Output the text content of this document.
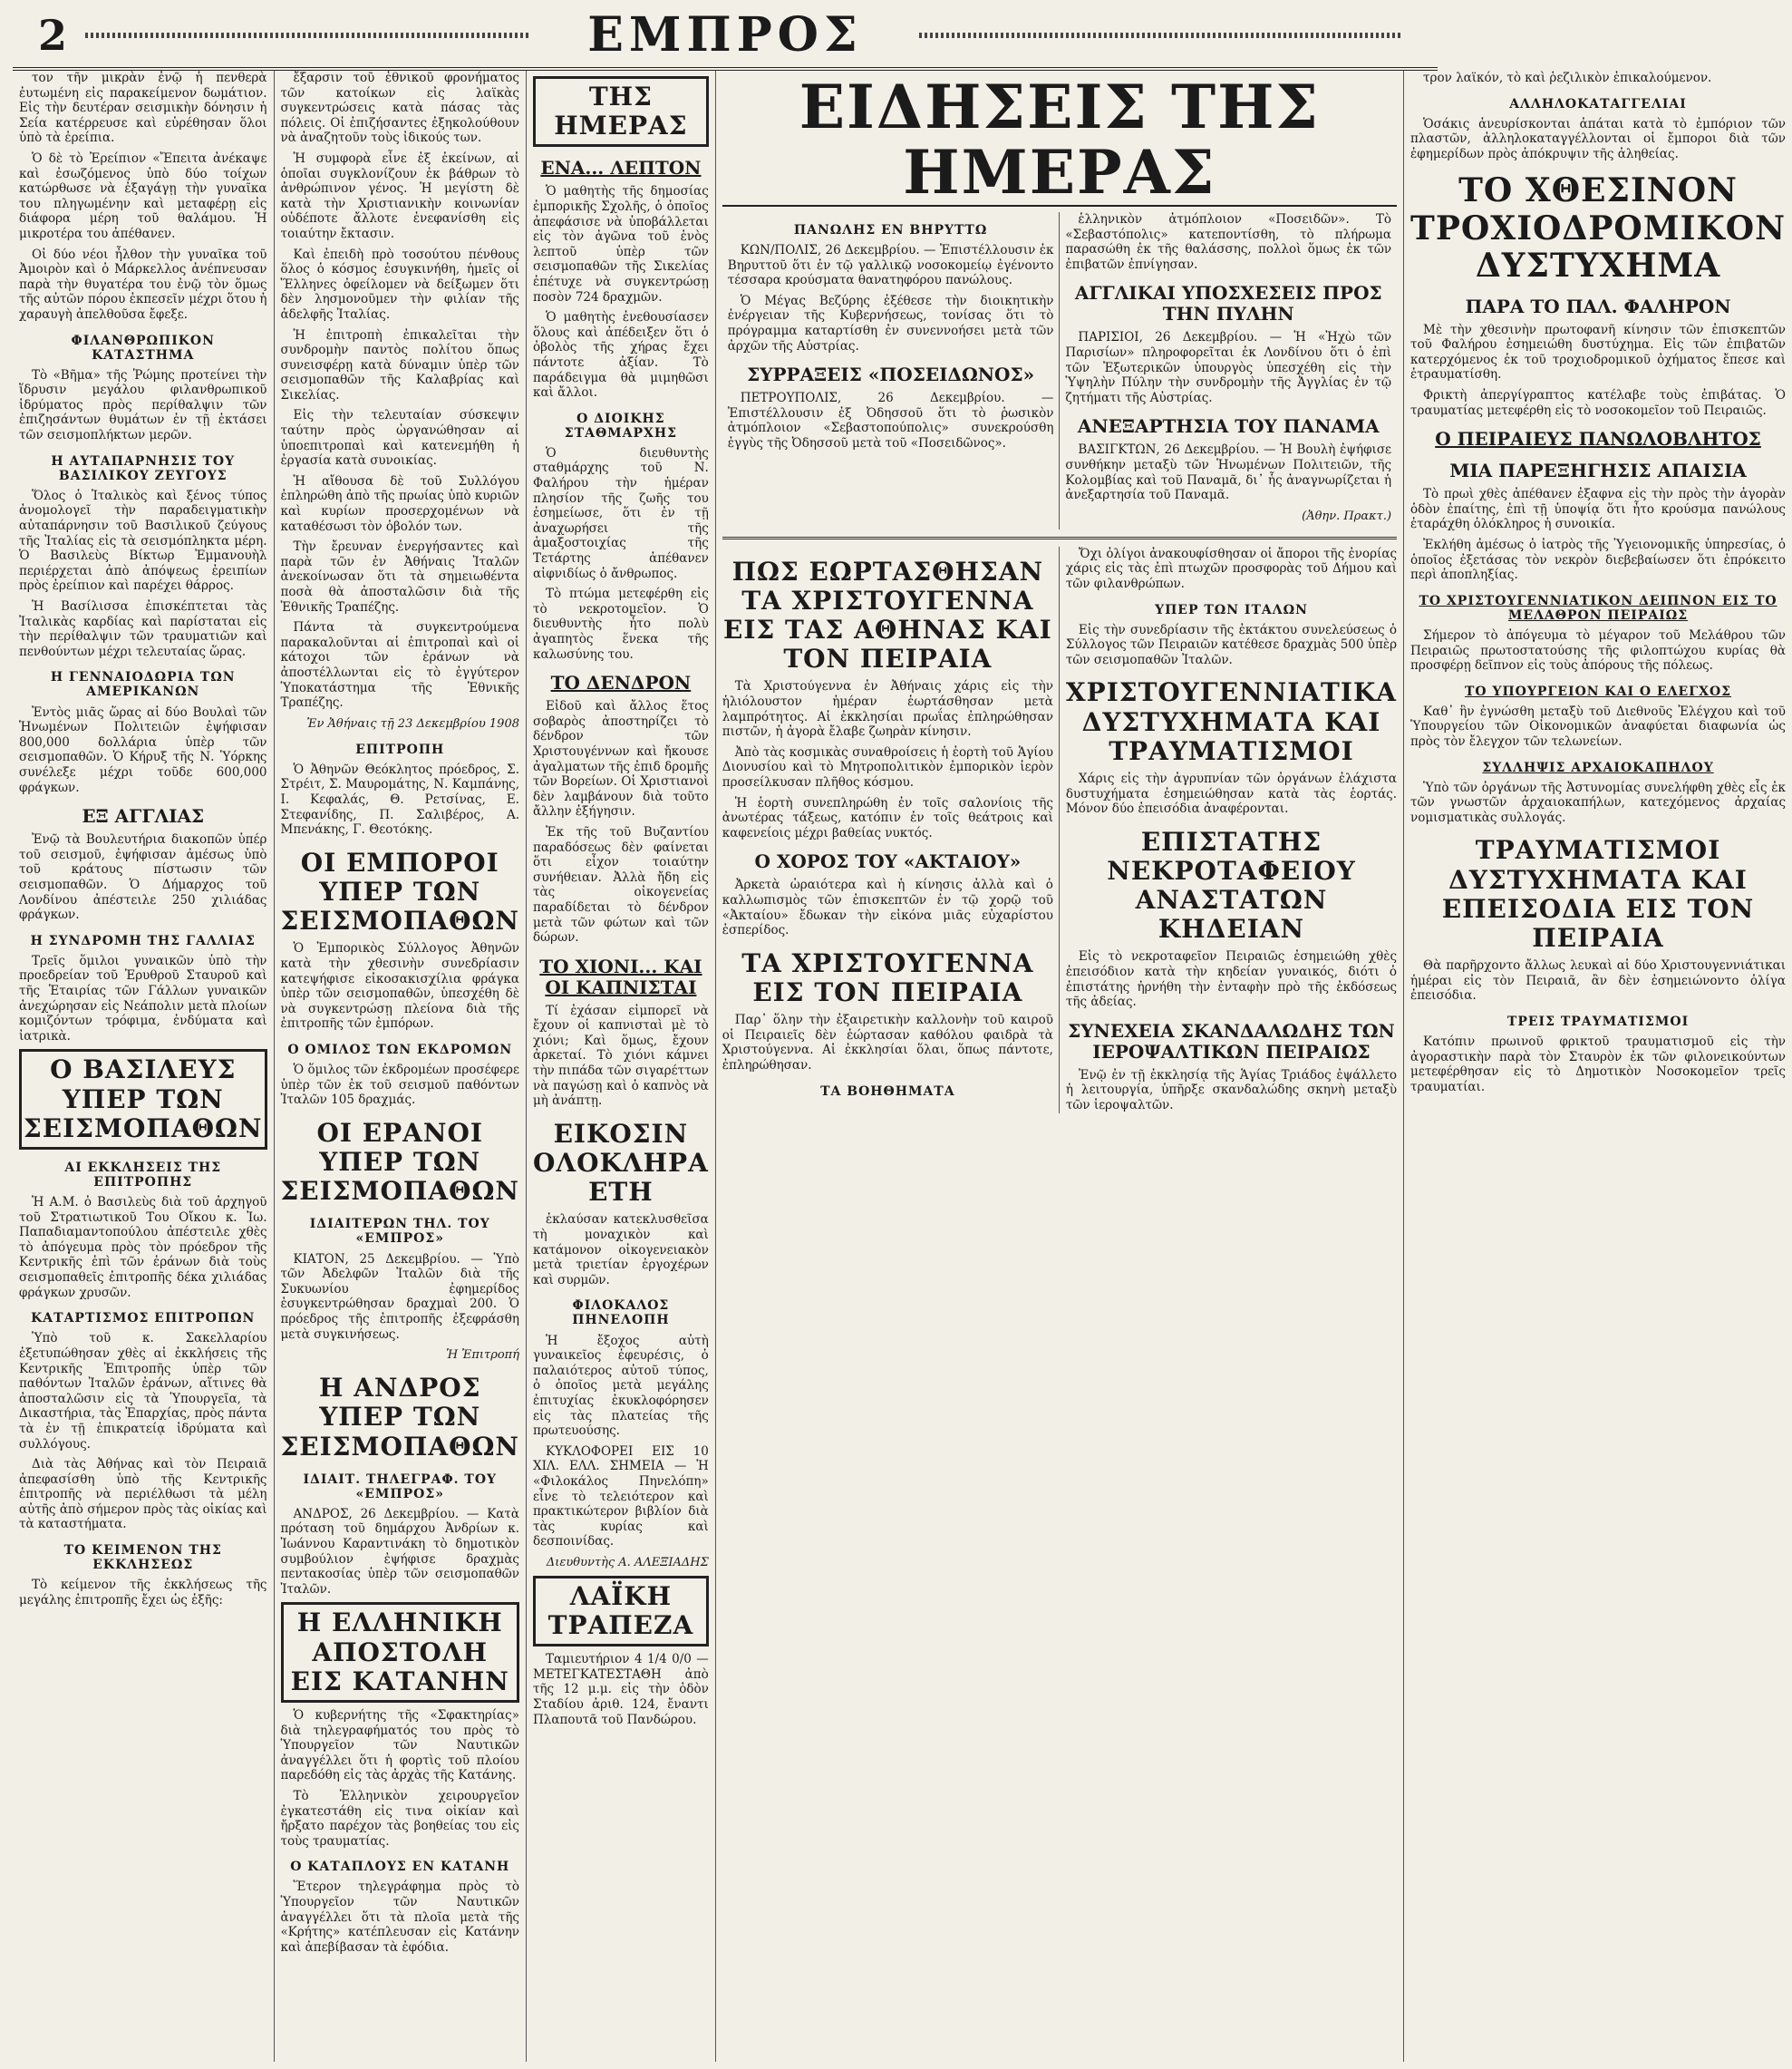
2	ΕΜΠΡΟΣ

τον τῆν μικρὰν ἐνῷ ἡ πενθερὰ ἐυτωμένη εἰς παρακείμενον δωμάτιον. Εἰς τὴν δευτέραν σεισμικὴν δόνησιν ἡ Σεία κατέρρευσε καὶ εὑρέθησαν ὅλοι ὑπὸ τὰ ἐρείπια.

Ὁ δὲ τὸ Ἐρείπιον «Ἔπειτα ἀνέκαψε καὶ ἐσωζόμενος ὑπὸ δύο τοίχων κατώρθωσε νὰ ἐξαγάγῃ τὴν γυναῖκα του πληγωμένην καὶ μεταφέρῃ εἰς διάφορα μέρη τοῦ θαλάμου. Ἡ μικροτέρα του ἀπέθανεν.

Οἱ δύο νέοι ἦλθον τὴν γυναῖκα τοῦ Ἀμοιρὸν καὶ ὁ Μάρκελλος ἀνέπνευσαν παρὰ τὴν θυγατέρα του ἐνῷ τὸν ὅμως τῆς αὐτῶν πόρου ἐκπεσεῖν μέχρι ὅτου ἡ χαραυγὴ ἀπελθοῦσα ἔφεξε.

ΦΙΛΑΝΘΡΩΠΙΚΟΝ ΚΑΤΑΣΤΗΜΑ

Τὸ «Βῆμα» τῆς Ῥώμης προτείνει τὴν ἵδρυσιν μεγάλου φιλανθρωπικοῦ ἱδρύματος πρὸς περίθαλψιν τῶν ἐπιζησάντων θυμάτων ἐν τῇ ἐκτάσει τῶν σεισμοπλήκτων μερῶν.

Η ΑΥΤΑΠΑΡΝΗΣΙΣ ΤΟΥ ΒΑΣΙΛΙΚΟΥ ΖΕΥΓΟΥΣ

Ὅλος ὁ Ἰταλικὸς καὶ ξένος τύπος ἀνομολογεῖ τὴν παραδειγματικὴν αὐταπάρνησιν τοῦ Βασιλικοῦ ζεύγους τῆς Ἰταλίας εἰς τὰ σεισμόπληκτα μέρη. Ὁ Βασιλεὺς Βίκτωρ Ἐμμανουὴλ περιέρχεται ἀπὸ ἀπόψεως ἐρειπίων πρὸς ἐρείπιον καὶ παρέχει θάρρος.

Ἡ Βασίλισσα ἐπισκέπτεται τὰς Ἰταλικὰς καρδίας καὶ παρίσταται εἰς τὴν περίθαλψιν τῶν τραυματιῶν καὶ πενθούντων μέχρι τελευταίας ὥρας.

Η ΓΕΝΝΑΙΟΔΩΡΙΑ ΤΩΝ ΑΜΕΡΙΚΑΝΩΝ

Ἐντὸς μιᾶς ὥρας αἱ δύο Βουλαὶ τῶν Ἡνωμένων Πολιτειῶν ἐψήφισαν 800,000 δολλάρια ὑπὲρ τῶν σεισμοπαθῶν. Ὁ Κήρυξ τῆς Ν. Ὑόρκης συνέλεξε μέχρι τοῦδε 600,000 φράγκων.

ΕΞ ΑΓΓΛΙΑΣ

Ἐνῷ τὰ Βουλευτήρια διακοπῶν ὑπέρ τοῦ σεισμοῦ, ἐψήφισαν ἀμέσως ὑπὸ τοῦ κράτους πίστωσιν τῶν σεισμοπαθῶν. Ὁ Δήμαρχος τοῦ Λονδίνου ἀπέστειλε 250 χιλιάδας φράγκων.

Η ΣΥΝΔΡΟΜΗ ΤΗΣ ΓΑΛΛΙΑΣ

Τρεῖς ὅμιλοι γυναικῶν ὑπὸ τὴν προεδρείαν τοῦ Ἐρυθροῦ Σταυροῦ καὶ τῆς Ἑταιρίας τῶν Γάλλων γυναικῶν ἀνεχώρησαν εἰς Νεάπολιν μετὰ πλοίων κομιζόντων τρόφιμα, ἐνδύματα καὶ ἰατρικὰ.

Ο ΒΑΣΙΛΕΥΣ ΥΠΕΡ ΤΩΝ ΣΕΙΣΜΟΠΑΘΩΝ
ΑΙ ΕΚΚΛΗΣΕΙΣ ΤΗΣ ΕΠΙΤΡΟΠΗΣ

Ἡ Α.Μ. ὁ Βασιλεὺς διὰ τοῦ ἀρχηγοῦ τοῦ Στρατιωτικοῦ Του Οἴκου κ. Ἰω. Παπαδιαμαντοπούλου ἀπέστειλε χθὲς τὸ ἀπόγευμα πρὸς τὸν πρόεδρον τῆς Κεντρικῆς ἐπὶ τῶν ἐράνων διὰ τοὺς σεισμοπαθεῖς ἐπιτροπῆς δέκα χιλιάδας φράγκων χρυσῶν.

ΚΑΤΑΡΤΙΣΜΟΣ ΕΠΙΤΡΟΠΩΝ

Ὑπὸ τοῦ κ. Σακελλαρίου ἐξετυπώθησαν χθὲς αἱ ἐκκλήσεις τῆς Κεντρικῆς Ἐπιτροπῆς ὑπὲρ τῶν παθόντων Ἰταλῶν ἐράνων, αἵτινες θὰ ἀποσταλῶσιν εἰς τὰ Ὑπουργεῖα, τὰ Δικαστήρια, τὰς Ἐπαρχίας, πρὸς πάντα τὰ ἐν τῇ ἐπικρατείᾳ ἱδρύματα καὶ συλλόγους.

Διὰ τὰς Ἀθήνας καὶ τὸν Πειραιᾶ ἀπεφασίσθη ὑπὸ τῆς Κεντρικῆς ἐπιτροπῆς νὰ περιέλθωσι τὰ μέλη αὐτῆς ἀπὸ σήμερον πρὸς τὰς οἰκίας καὶ τὰ καταστήματα.

ΤΟ ΚΕΙΜΕΝΟΝ ΤΗΣ ΕΚΚΛΗΣΕΩΣ

Τὸ κείμενον τῆς ἐκκλήσεως τῆς μεγάλης ἐπιτροπῆς ἔχει ὡς ἑξῆς:

ἔξαρσιν τοῦ ἐθνικοῦ φρονήματος τῶν κατοίκων εἰς λαϊκὰς συγκεντρώσεις κατὰ πάσας τὰς πόλεις. Οἱ ἐπιζήσαντες ἐξηκολούθουν νὰ ἀναζητοῦν τοὺς ἰδικούς των.

Ἡ συμφορὰ εἶνε ἐξ ἐκείνων, αἱ ὁποῖαι συγκλονίζουν ἐκ βάθρων τὸ ἀνθρώπινον γένος. Ἡ μεγίστη δὲ κατὰ τὴν Χριστιανικὴν κοινωνίαν οὐδέποτε ἄλλοτε ἐνεφανίσθη εἰς τοιαύτην ἔκτασιν.

Καὶ ἐπειδὴ πρὸ τοσούτου πένθους ὅλος ὁ κόσμος ἐσυγκινήθη, ἡμεῖς οἱ Ἕλληνες ὀφείλομεν νὰ δείξωμεν ὅτι δὲν λησμονοῦμεν τὴν φιλίαν τῆς ἀδελφῆς Ἰταλίας.

Ἡ ἐπιτροπὴ ἐπικαλεῖται τὴν συνδρομὴν παντὸς πολίτου ὅπως συνεισφέρῃ κατὰ δύναμιν ὑπὲρ τῶν σεισμοπαθῶν τῆς Καλαβρίας καὶ Σικελίας.

Εἰς τὴν τελευταίαν σύσκεψιν ταύτην πρὸς ὠργανώθησαν αἱ ὑποεπιτροπαὶ καὶ κατενεμήθη ἡ ἐργασία κατὰ συνοικίας.

Ἡ αἴθουσα δὲ τοῦ Συλλόγου ἐπληρώθη ἀπὸ τῆς πρωίας ὑπὸ κυριῶν καὶ κυρίων προσερχομένων νὰ καταθέσωσι τὸν ὀβολόν των.

Τὴν ἔρευναν ἐνεργήσαντες καὶ παρὰ τῶν ἐν Ἀθήναις Ἰταλῶν ἀνεκοίνωσαν ὅτι τὰ σημειωθέντα ποσὰ θὰ ἀποσταλῶσιν διὰ τῆς Ἐθνικῆς Τραπέζης.

Πάντα τὰ συγκεντρούμενα παρακαλοῦνται αἱ ἐπιτροπαὶ καὶ οἱ κάτοχοι τῶν ἐράνων νὰ ἀποστέλλωνται εἰς τὸ ἐγγύτερον Ὑποκατάστημα τῆς Ἐθνικῆς Τραπέζης.

Ἐν Ἀθήναις τῇ 23 Δεκεμβρίου 1908
ΕΠΙΤΡΟΠΗ

Ὁ Ἀθηνῶν Θεόκλητος πρόεδρος, Σ. Στρέιτ, Σ. Μαυρομάτης, Ν. Καμπάνης, Ι. Κεφαλάς, Θ. Ρετσίνας, Ε. Στεφανίδης, Π. Σαλιβέρος, Α. Μπενάκης, Γ. Θεοτόκης.

ΟΙ ΕΜΠΟΡΟΙ ΥΠΕΡ ΤΩΝ ΣΕΙΣΜΟΠΑΘΩΝ

Ὁ Ἐμπορικὸς Σύλλογος Ἀθηνῶν κατὰ τὴν χθεσινὴν συνεδρίασιν κατεψήφισε εἰκοσακισχίλια φράγκα ὑπὲρ τῶν σεισμοπαθῶν, ὑπεσχέθη δὲ νὰ συγκεντρώσῃ πλείονα διὰ τῆς ἐπιτροπῆς τῶν ἐμπόρων.

Ο ΟΜΙΛΟΣ ΤΩΝ ΕΚΔΡΟΜΩΝ

Ὁ ὅμιλος τῶν ἐκδρομέων προσέφερε ὑπὲρ τῶν ἐκ τοῦ σεισμοῦ παθόντων Ἰταλῶν 105 δραχμάς.

ΟΙ ΕΡΑΝΟΙ ΥΠΕΡ ΤΩΝ ΣΕΙΣΜΟΠΑΘΩΝ
ΙΔΙΑΙΤΕΡΩΝ ΤΗΛ. ΤΟΥ «ΕΜΠΡΟΣ»

ΚΙΑΤΟΝ, 25 Δεκεμβρίου. — Ὑπὸ τῶν Ἀδελφῶν Ἰταλῶν διὰ τῆς Συκυωνίου ἐφημερίδος ἐσυγκεντρώθησαν δραχμαὶ 200. Ὁ πρόεδρος τῆς ἐπιτροπῆς ἐξεφράσθη μετὰ συγκινήσεως.

Ἡ Ἐπιτροπή
Η ΑΝΔΡΟΣ ΥΠΕΡ ΤΩΝ ΣΕΙΣΜΟΠΑΘΩΝ
ΙΔΙΑΙΤ. ΤΗΛΕΓΡΑΦ. ΤΟΥ «ΕΜΠΡΟΣ»

ΑΝΔΡΟΣ, 26 Δεκεμβρίου. — Κατὰ πρόταση τοῦ δημάρχου Ἀνδρίων κ. Ἰωάννου Καραντινάκη τὸ δημοτικὸν συμβούλιον ἐψήφισε δραχμὰς πεντακοσίας ὑπὲρ τῶν σεισμοπαθῶν Ἰταλῶν.

Η ΕΛΛΗΝΙΚΗ ΑΠΟΣΤΟΛΗ ΕΙΣ ΚΑΤΑΝΗΝ

Ὁ κυβερνήτης τῆς «Σφακτηρίας» διὰ τηλεγραφήματός του πρὸς τὸ Ὑπουργεῖον τῶν Ναυτικῶν ἀναγγέλλει ὅτι ἡ φορτὶς τοῦ πλοίου παρεδόθη εἰς τὰς ἀρχὰς τῆς Κατάνης.

Τὸ Ἑλληνικὸν χειρουργεῖον ἐγκατεστάθη εἰς τινα οἰκίαν καὶ ἤρξατο παρέχον τὰς βοηθείας του εἰς τοὺς τραυματίας.

Ο ΚΑΤΑΠΛΟΥΣ ΕΝ ΚΑΤΑΝΗ

Ἕτερον τηλεγράφημα πρὸς τὸ Ὑπουργεῖον τῶν Ναυτικῶν ἀναγγέλλει ὅτι τὰ πλοῖα μετὰ τῆς «Κρήτης» κατέπλευσαν εἰς Κατάνην καὶ ἀπεβίβασαν τὰ ἐφόδια.

ΤΗΣ ΗΜΕΡΑΣ
ΕΝΑ... ΛΕΠΤΟΝ

Ὁ μαθητὴς τῆς δημοσίας ἐμπορικῆς Σχολῆς, ὁ ὁποῖος ἀπεφάσισε νὰ ὑποβάλλεται εἰς τὸν ἀγῶνα τοῦ ἑνὸς λεπτοῦ ὑπὲρ τῶν σεισμοπαθῶν τῆς Σικελίας ἐπέτυχε νὰ συγκεντρώσῃ ποσὸν 724 δραχμῶν.

Ὁ μαθητὴς ἐνεθουσίασεν ὅλους καὶ ἀπέδειξεν ὅτι ὁ ὀβολὸς τῆς χήρας ἔχει πάντοτε ἀξίαν. Τὸ παράδειγμα θὰ μιμηθῶσι καὶ ἄλλοι.

Ο ΔΙΟΙΚΗΣ ΣΤΑΘΜΑΡΧΗΣ

Ὁ διευθυντὴς σταθμάρχης τοῦ Ν. Φαλήρου τὴν ἡμέραν πλησίον τῆς ζωῆς του ἐσημείωσε, ὅτι ἐν τῇ ἀναχωρήσει τῆς ἁμαξοστοιχίας τῆς Τετάρτης ἀπέθανεν αἰφνιδίως ὁ ἄνθρωπος.

Τὸ πτώμα μετεφέρθη εἰς τὸ νεκροτομεῖον. Ὁ διευθυντὴς ἦτο πολὺ ἀγαπητὸς ἕνεκα τῆς καλωσύνης του.

ΤΟ ΔΕΝΔΡΟΝ

Εἰδοῦ καὶ ἄλλος ἕτος σοβαρὸς ἀποστηρίζει τὸ δένδρον τῶν Χριστουγέννων καὶ ἤκουσε ἀγαλματων τῆς ἐπιδ δρομῆς τῶν Βορείων. Οἱ Χριστιανοὶ δὲν λαμβάνουν διὰ τοῦτο ἄλλην ἐξήγησιν.

Ἐκ τῆς τοῦ Βυζαντίου παραδόσεως δὲν φαίνεται ὅτι εἶχον τοιαύτην συνήθειαν. Ἀλλὰ ἤδη εἰς τὰς οἰκογενείας παραδίδεται τὸ δένδρον μετὰ τῶν φώτων καὶ τῶν δώρων.

ΤΟ ΧΙΟΝΙ... ΚΑΙ ΟΙ ΚΑΠΝΙΣΤΑΙ

Τί ἐχάσαν εἰμπορεῖ νὰ ἔχουν οἱ καπνισταὶ μὲ τὸ χιόνι; Καὶ ὅμως, ἔχουν ἀρκεταί. Τὸ χιόνι κάμνει τὴν πιπάδα τῶν σιγαρέττων νὰ παγώσῃ καὶ ὁ καπνὸς νὰ μὴ ἀνάπτῃ.

ΕΙΚΟΣΙΝ ΟΛΟΚΛΗΡΑ ΕΤΗ

ἐκλαύσαν κατεκλυσθεῖσα τὴ μοναχικὸν καὶ κατάμονον οἰκογενειακὸν μετὰ τριετίαν ἐργοχέρων καὶ συρμῶν.

ΦΙΛΟΚΑΛΟΣ ΠΗΝΕΛΟΠΗ

Ἡ ἔξοχος αὐτὴ γυναικεῖος ἐφευρέσις, ὁ παλαιότερος αὐτοῦ τύπος, ὁ ὁποῖος μετὰ μεγάλης ἐπιτυχίας ἐκυκλοφόρησεν εἰς τὰς πλατείας τῆς πρωτευούσης.

ΚΥΚΛΟΦΟΡΕΙ ΕΙΣ 10 ΧΙΛ. ΕΛΛ. ΣΗΜΕΙΑ — Ἡ «Φιλοκάλος Πηνελόπη» εἶνε τὸ τελειότερον καὶ πρακτικώτερον βιβλίον διὰ τὰς κυρίας καὶ δεσποινίδας.

Διευθυντὴς Α. ΑΛΕΞΙΑΔΗΣ
ΛΑΪΚΗ ΤΡΑΠΕΖΑ

Ταμιευτήριον 4 1/4 0/0 — ΜΕΤΕΓΚΑΤΕΣΤΑΘΗ ἀπὸ τῆς 12 μ.μ. εἰς τὴν ὁδὸν Σταδίου ἀριθ. 124, ἔναντι Πλαπουτᾶ τοῦ Πανδώρου.

ΕΙΔΗΣΕΙΣ ΤΗΣ ΗΜΕΡΑΣ
ΠΑΝΩΛΗΣ ΕΝ ΒΗΡΥΤΤΩ

ΚΩΝ/ΠΟΛΙΣ, 26 Δεκεμβρίου. — Ἐπιστέλλουσιν ἐκ Βηρυττοῦ ὅτι ἐν τῷ γαλλικῷ νοσοκομείῳ ἐγένοντο τέσσαρα κρούσματα θανατηφόρου πανώλους.

Ὁ Μέγας Βεζύρης ἐξέθεσε τὴν διοικητικὴν ἐνέργειαν τῆς Κυβερνήσεως, τονίσας ὅτι τὸ πρόγραμμα καταρτίσθη ἐν συνεννοήσει μετὰ τῶν ἀρχῶν τῆς Αὐστρίας.

ΣΥΡΡΑΞΕΙΣ «ΠΟΣΕΙΔΩΝΟΣ»

ΠΕΤΡΟΥΠΟΛΙΣ, 26 Δεκεμβρίου. — Ἐπιστέλλουσιν ἐξ Ὀδησσοῦ ὅτι τὸ ῥωσικὸν ἀτμόπλοιον «Σεβαστοπούπολις» συνεκρούσθη ἐγγὺς τῆς Ὀδησσοῦ μετὰ τοῦ «Ποσειδῶνος».

ἑλληνικὸν ἀτμόπλοιον «Ποσειδῶν». Τὸ «Σεβαστόπολις» κατεποντίσθη, τὸ πλήρωμα παρασώθη ἐκ τῆς θαλάσσης, πολλοὶ ὅμως ἐκ τῶν ἐπιβατῶν ἐπνίγησαν.

ΑΓΓΛΙΚΑΙ ΥΠΟΣΧΕΣΕΙΣ ΠΡΟΣ ΤΗΝ ΠΥΛΗΝ

ΠΑΡΙΣΙΟΙ, 26 Δεκεμβρίου. — Ἡ «Ἠχὼ τῶν Παρισίων» πληροφορεῖται ἐκ Λονδίνου ὅτι ὁ ἐπὶ τῶν Ἐξωτερικῶν ὑπουργὸς ὑπεσχέθη εἰς τὴν Ὑψηλὴν Πύλην τὴν συνδρομὴν τῆς Ἀγγλίας ἐν τῷ ζητήματι τῆς Αὐστρίας.

ΑΝΕΞΑΡΤΗΣΙΑ ΤΟΥ ΠΑΝΑΜΑ

ΒΑΣΙΓΚΤΩΝ, 26 Δεκεμβρίου. — Ἡ Βουλὴ ἐψήφισε συνθήκην μεταξὺ τῶν Ἡνωμένων Πολιτειῶν, τῆς Κολομβίας καὶ τοῦ Παναμᾶ, δι᾽ ἧς ἀναγνωρίζεται ἡ ἀνεξαρτησία τοῦ Παναμᾶ.

(Ἀθην. Πρακτ.)
ΠΩΣ ΕΩΡΤΑΣΘΗΣΑΝ ΤΑ ΧΡΙΣΤΟΥΓΕΝΝΑ ΕΙΣ ΤΑΣ ΑΘΗΝΑΣ ΚΑΙ ΤΟΝ ΠΕΙΡΑΙΑ

Τὰ Χριστούγεννα ἐν Ἀθήναις χάρις εἰς τὴν ἡλιόλουστον ἡμέραν ἑωρτάσθησαν μετὰ λαμπρότητος. Αἱ ἐκκλησίαι πρωΐας ἐπληρώθησαν πιστῶν, ἡ ἀγορὰ ἔλαβε ζωηρὰν κίνησιν.

Ἀπὸ τὰς κοσμικὰς συναθροίσεις ἡ ἑορτὴ τοῦ Ἁγίου Διονυσίου καὶ τὸ Μητροπολιτικὸν ἐμπορικὸν ἱερὸν προσείλκυσαν πλῆθος κόσμου.

Ἡ ἑορτὴ συνεπληρώθη ἐν τοῖς σαλονίοις τῆς ἀνωτέρας τάξεως, κατόπιν ἐν τοῖς θεάτροις καὶ καφενείοις μέχρι βαθείας νυκτός.

Ο ΧΟΡΟΣ ΤΟΥ «ΑΚΤΑΙΟΥ»

Ἀρκετὰ ὡραιότερα καὶ ἡ κίνησις ἀλλὰ καὶ ὁ καλλωπισμὸς τῶν ἐπισκεπτῶν ἐν τῷ χορῷ τοῦ «Ἀκταίου» ἔδωκαν τὴν εἰκόνα μιᾶς εὐχαρίστου ἑσπερίδος.

ΤΑ ΧΡΙΣΤΟΥΓΕΝΝΑ ΕΙΣ ΤΟΝ ΠΕΙΡΑΙΑ

Παρ᾽ ὅλην τὴν ἐξαιρετικὴν καλλονὴν τοῦ καιροῦ οἱ Πειραιεῖς δὲν ἑώρτασαν καθόλου φαιδρὰ τὰ Χριστούγεννα. Αἱ ἐκκλησίαι ὅλαι, ὅπως πάντοτε, ἐπληρώθησαν.

ΤΑ ΒΟΗΘΗΜΑΤΑ

Ὄχι ὀλίγοι ἀνακουφίσθησαν οἱ ἄποροι τῆς ἐνορίας χάρις εἰς τὰς ἐπὶ πτωχῶν προσφορὰς τοῦ Δήμου καὶ τῶν φιλανθρώπων.

ΥΠΕΡ ΤΩΝ ΙΤΑΛΩΝ

Εἰς τὴν συνεδρίασιν τῆς ἐκτάκτου συνελεύσεως ὁ Σύλλογος τῶν Πειραιῶν κατέθεσε δραχμὰς 500 ὑπὲρ τῶν σεισμοπαθῶν Ἰταλῶν.

ΧΡΙΣΤΟΥΓΕΝΝΙΑΤΙΚΑ ΔΥΣΤΥΧΗΜΑΤΑ ΚΑΙ ΤΡΑΥΜΑΤΙΣΜΟΙ

Χάρις εἰς τὴν ἀγρυπνίαν τῶν ὀργάνων ἐλάχιστα δυστυχήματα ἐσημειώθησαν κατὰ τὰς ἑορτάς. Μόνον δύο ἐπεισόδια ἀναφέρονται.

ΕΠΙΣΤΑΤΗΣ ΝΕΚΡΟΤΑΦΕΙΟΥ ΑΝΑΣΤΑΤΩΝ ΚΗΔΕΙΑΝ

Εἰς τὸ νεκροταφεῖον Πειραιῶς ἐσημειώθη χθὲς ἐπεισόδιον κατὰ τὴν κηδείαν γυναικός, διότι ὁ ἐπιστάτης ἠρνήθη τὴν ἐνταφὴν πρὸ τῆς ἐκδόσεως τῆς ἀδείας.

ΣΥΝΕΧΕΙΑ ΣΚΑΝΔΑΛΩΔΗΣ ΤΩΝ ΙΕΡΟΨΑΛΤΙΚΩΝ ΠΕΙΡΑΙΩΣ

Ἐνῷ ἐν τῇ ἐκκλησίᾳ τῆς Ἁγίας Τριάδος ἐψάλλετο ἡ λειτουργία, ὑπῆρξε σκανδαλώδης σκηνὴ μεταξὺ τῶν ἱεροψαλτῶν.

τρον λαϊκόν, τὸ καὶ ῥεζιλικὸν ἐπικαλούμενον.

ΑΛΛΗΛΟΚΑΤΑΓΓΕΛΙΑΙ

Ὁσάκις ἀνευρίσκονται ἀπάται κατὰ τὸ ἐμπόριον τῶν πλαστῶν, ἀλληλοκαταγγέλλονται οἱ ἔμποροι διὰ τῶν ἐφημερίδων πρὸς ἀπόκρυψιν τῆς ἀληθείας.

ΤΟ ΧΘΕΣΙΝΟΝ ΤΡΟΧΙΟΔΡΟΜΙΚΟΝ ΔΥΣΤΥΧΗΜΑ
ΠΑΡΑ ΤΟ ΠΑΛ. ΦΑΛΗΡΟΝ

Μὲ τὴν χθεσινὴν πρωτοφανῆ κίνησιν τῶν ἐπισκεπτῶν τοῦ Φαλήρου ἐσημειώθη δυστύχημα. Εἰς τῶν ἐπιβατῶν κατερχόμενος ἐκ τοῦ τροχιοδρομικοῦ ὀχήματος ἔπεσε καὶ ἐτραυματίσθη.

Φρικτὴ ἀπεργίγραπτος κατέλαβε τοὺς ἐπιβάτας. Ὁ τραυματίας μετεφέρθη εἰς τὸ νοσοκομεῖον τοῦ Πειραιῶς.

Ο ΠΕΙΡΑΙΕΥΣ ΠΑΝΩΛΟΒΛΗΤΟΣ
ΜΙΑ ΠΑΡΕΞΗΓΗΣΙΣ ΑΠΑΙΣΙΑ

Τὸ πρωὶ χθὲς ἀπέθανεν ἐξαφνα εἰς τὴν πρὸς τὴν ἀγορὰν ὁδὸν ἐπαίτης, ἐπὶ τῇ ὑποψίᾳ ὅτι ἦτο κρούσμα πανώλους ἐταράχθη ὁλόκληρος ἡ συνοικία.

Ἐκλήθη ἀμέσως ὁ ἰατρὸς τῆς Ὑγειονομικῆς ὑπηρεσίας, ὁ ὁποῖος ἐξετάσας τὸν νεκρὸν διεβεβαίωσεν ὅτι ἐπρόκειτο περὶ ἀποπληξίας.

ΤΟ ΧΡΙΣΤΟΥΓΕΝΝΙΑΤΙΚΟΝ ΔΕΙΠΝΟΝ ΕΙΣ ΤΟ ΜΕΛΑΘΡΟΝ ΠΕΙΡΑΙΩΣ

Σήμερον τὸ ἀπόγευμα τὸ μέγαρον τοῦ Μελάθρου τῶν Πειραιῶς πρωτοστατούσης τῆς φιλοπτώχου κυρίας θὰ προσφέρῃ δεῖπνον εἰς τοὺς ἀπόρους τῆς πόλεως.

ΤΟ ΥΠΟΥΡΓΕΙΟΝ ΚΑΙ Ο ΕΛΕΓΧΟΣ

Καθ᾽ ἣν ἐγνώσθη μεταξὺ τοῦ Διεθνοῦς Ἐλέγχου καὶ τοῦ Ὑπουργείου τῶν Οἰκονομικῶν ἀναφύεται διαφωνία ὡς πρὸς τὸν ἔλεγχον τῶν τελωνείων.

ΣΥΛΛΗΨΙΣ ΑΡΧΑΙΟΚΑΠΗΛΟΥ

Ὑπὸ τῶν ὀργάνων τῆς Ἀστυνομίας συνελήφθη χθὲς εἷς ἐκ τῶν γνωστῶν ἀρχαιοκαπήλων, κατεχόμενος ἀρχαίας νομισματικὰς συλλογάς.

ΤΡΑΥΜΑΤΙΣΜΟΙ ΔΥΣΤΥΧΗΜΑΤΑ ΚΑΙ ΕΠΕΙΣΟΔΙΑ ΕΙΣ ΤΟΝ ΠΕΙΡΑΙΑ

Θὰ παρῆρχοντο ἄλλως λευκαὶ αἱ δύο Χριστουγεννιάτικαι ἡμέραι εἰς τὸν Πειραιᾶ, ἂν δὲν ἐσημειώνοντο ὀλίγα ἐπεισόδια.

ΤΡΕΙΣ ΤΡΑΥΜΑΤΙΣΜΟΙ

Κατόπιν πρωινοῦ φρικτοῦ τραυματισμοῦ εἰς τὴν ἀγοραστικὴν παρὰ τὸν Σταυρὸν ἐκ τῶν φιλονεικούντων μετεφέρθησαν εἰς τὸ Δημοτικὸν Νοσοκομεῖον τρεῖς τραυματίαι.
